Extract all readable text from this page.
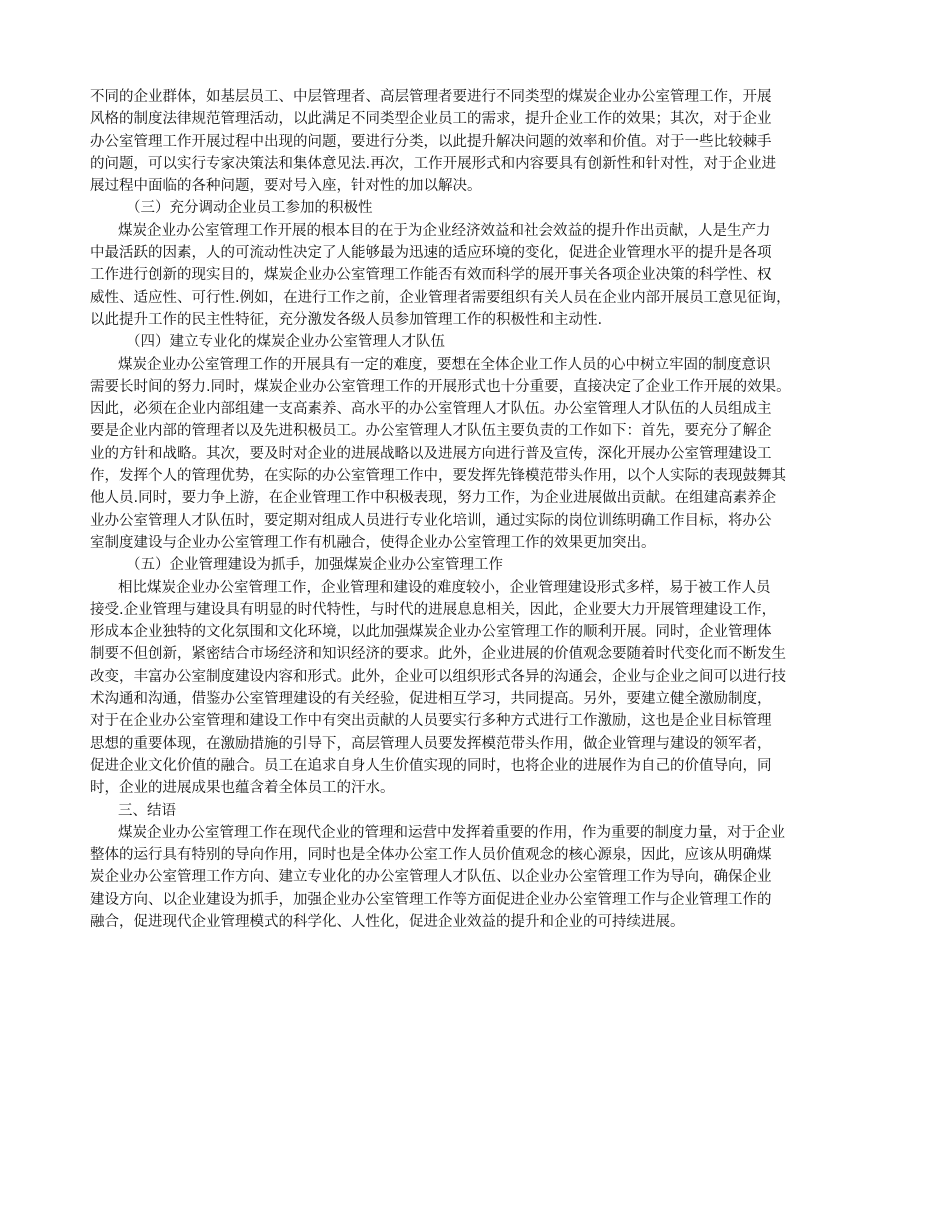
不同的企业群体，如基层员工、中层管理者、高层管理者要进行不同类型的煤炭企业办公室管理工作，开展
风格的制度法律规范管理活动，以此满足不同类型企业员工的需求，提升企业工作的效果；其次，对于企业
办公室管理工作开展过程中出现的问题，要进行分类，以此提升解决问题的效率和价值。对于一些比较棘手
的问题，可以实行专家决策法和集体意见法.再次，工作开展形式和内容要具有创新性和针对性，对于企业进
展过程中面临的各种问题，要对号入座，针对性的加以解决。
（三）充分调动企业员工参加的积极性
煤炭企业办公室管理工作开展的根本目的在于为企业经济效益和社会效益的提升作出贡献，人是生产力
中最活跃的因素，人的可流动性决定了人能够最为迅速的适应环境的变化，促进企业管理水平的提升是各项
工作进行创新的现实目的，煤炭企业办公室管理工作能否有效而科学的展开事关各项企业决策的科学性、权
威性、适应性、可行性.例如，在进行工作之前，企业管理者需要组织有关人员在企业内部开展员工意见征询，
以此提升工作的民主性特征，充分激发各级人员参加管理工作的积极性和主动性.
（四）建立专业化的煤炭企业办公室管理人才队伍
煤炭企业办公室管理工作的开展具有一定的难度，要想在全体企业工作人员的心中树立牢固的制度意识
需要长时间的努力.同时，煤炭企业办公室管理工作的开展形式也十分重要，直接决定了企业工作开展的效果。
因此，必须在企业内部组建一支高素养、高水平的办公室管理人才队伍。办公室管理人才队伍的人员组成主
要是企业内部的管理者以及先进积极员工。办公室管理人才队伍主要负责的工作如下：首先，要充分了解企
业的方针和战略。其次，要及时对企业的进展战略以及进展方向进行普及宣传，深化开展办公室管理建设工
作，发挥个人的管理优势，在实际的办公室管理工作中，要发挥先锋模范带头作用，以个人实际的表现鼓舞其
他人员.同时，要力争上游，在企业管理工作中积极表现，努力工作，为企业进展做出贡献。在组建高素养企
业办公室管理人才队伍时，要定期对组成人员进行专业化培训，通过实际的岗位训练明确工作目标，将办公
室制度建设与企业办公室管理工作有机融合，使得企业办公室管理工作的效果更加突出。
（五）企业管理建设为抓手，加强煤炭企业办公室管理工作
相比煤炭企业办公室管理工作，企业管理和建设的难度较小，企业管理建设形式多样，易于被工作人员
接受.企业管理与建设具有明显的时代特性，与时代的进展息息相关，因此，企业要大力开展管理建设工作，
形成本企业独特的文化氛围和文化环境，以此加强煤炭企业办公室管理工作的顺利开展。同时，企业管理体
制要不但创新，紧密结合市场经济和知识经济的要求。此外，企业进展的价值观念要随着时代变化而不断发生
改变，丰富办公室制度建设内容和形式。此外，企业可以组织形式各异的沟通会，企业与企业之间可以进行技
术沟通和沟通，借鉴办公室管理建设的有关经验，促进相互学习，共同提高。另外，要建立健全激励制度，
对于在企业办公室管理和建设工作中有突出贡献的人员要实行多种方式进行工作激励，这也是企业目标管理
思想的重要体现，在激励措施的引导下，高层管理人员要发挥模范带头作用，做企业管理与建设的领军者，
促进企业文化价值的融合。员工在追求自身人生价值实现的同时，也将企业的进展作为自己的价值导向，同
时，企业的进展成果也蕴含着全体员工的汗水。
三、结语
煤炭企业办公室管理工作在现代企业的管理和运营中发挥着重要的作用，作为重要的制度力量，对于企业
整体的运行具有特别的导向作用，同时也是全体办公室工作人员价值观念的核心源泉，因此，应该从明确煤
炭企业办公室管理工作方向、建立专业化的办公室管理人才队伍、以企业办公室管理工作为导向，确保企业
建设方向、以企业建设为抓手，加强企业办公室管理工作等方面促进企业办公室管理工作与企业管理工作的
融合，促进现代企业管理模式的科学化、人性化，促进企业效益的提升和企业的可持续进展。
